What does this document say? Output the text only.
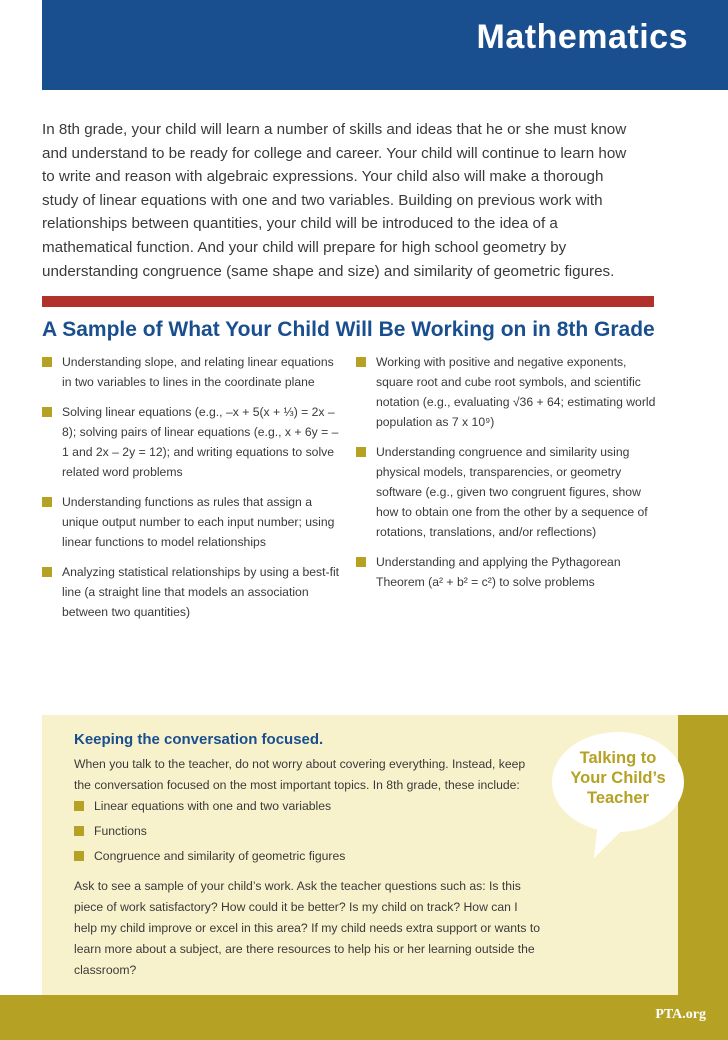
Mathematics
In 8th grade, your child will learn a number of skills and ideas that he or she must know and understand to be ready for college and career. Your child will continue to learn how to write and reason with algebraic expressions. Your child also will make a thorough study of linear equations with one and two variables. Building on previous work with relationships between quantities, your child will be introduced to the idea of a mathematical function. And your child will prepare for high school geometry by understanding congruence (same shape and size) and similarity of geometric figures.
A Sample of What Your Child Will Be Working on in 8th Grade
Understanding slope, and relating linear equations in two variables to lines in the coordinate plane
Solving linear equations (e.g., –x + 5(x + ⅓) = 2x – 8); solving pairs of linear equations (e.g., x + 6y = –1 and 2x – 2y = 12); and writing equations to solve related word problems
Understanding functions as rules that assign a unique output number to each input number; using linear functions to model relationships
Analyzing statistical relationships by using a best-fit line (a straight line that models an association between two quantities)
Working with positive and negative exponents, square root and cube root symbols, and scientific notation (e.g., evaluating √36 + 64; estimating world population as 7 x 10⁹)
Understanding congruence and similarity using physical models, transparencies, or geometry software (e.g., given two congruent figures, show how to obtain one from the other by a sequence of rotations, translations, and/or reflections)
Understanding and applying the Pythagorean Theorem (a² + b² = c²) to solve problems
Keeping the conversation focused.
When you talk to the teacher, do not worry about covering everything. Instead, keep the conversation focused on the most important topics. In 8th grade, these include:
Linear equations with one and two variables
Functions
Congruence and similarity of geometric figures
Ask to see a sample of your child’s work. Ask the teacher questions such as: Is this piece of work satisfactory? How could it be better? Is my child on track? How can I help my child improve or excel in this area? If my child needs extra support or wants to learn more about a subject, are there resources to help his or her learning outside the classroom?
Talking to
Your Child’s
Teacher
PTA.org
